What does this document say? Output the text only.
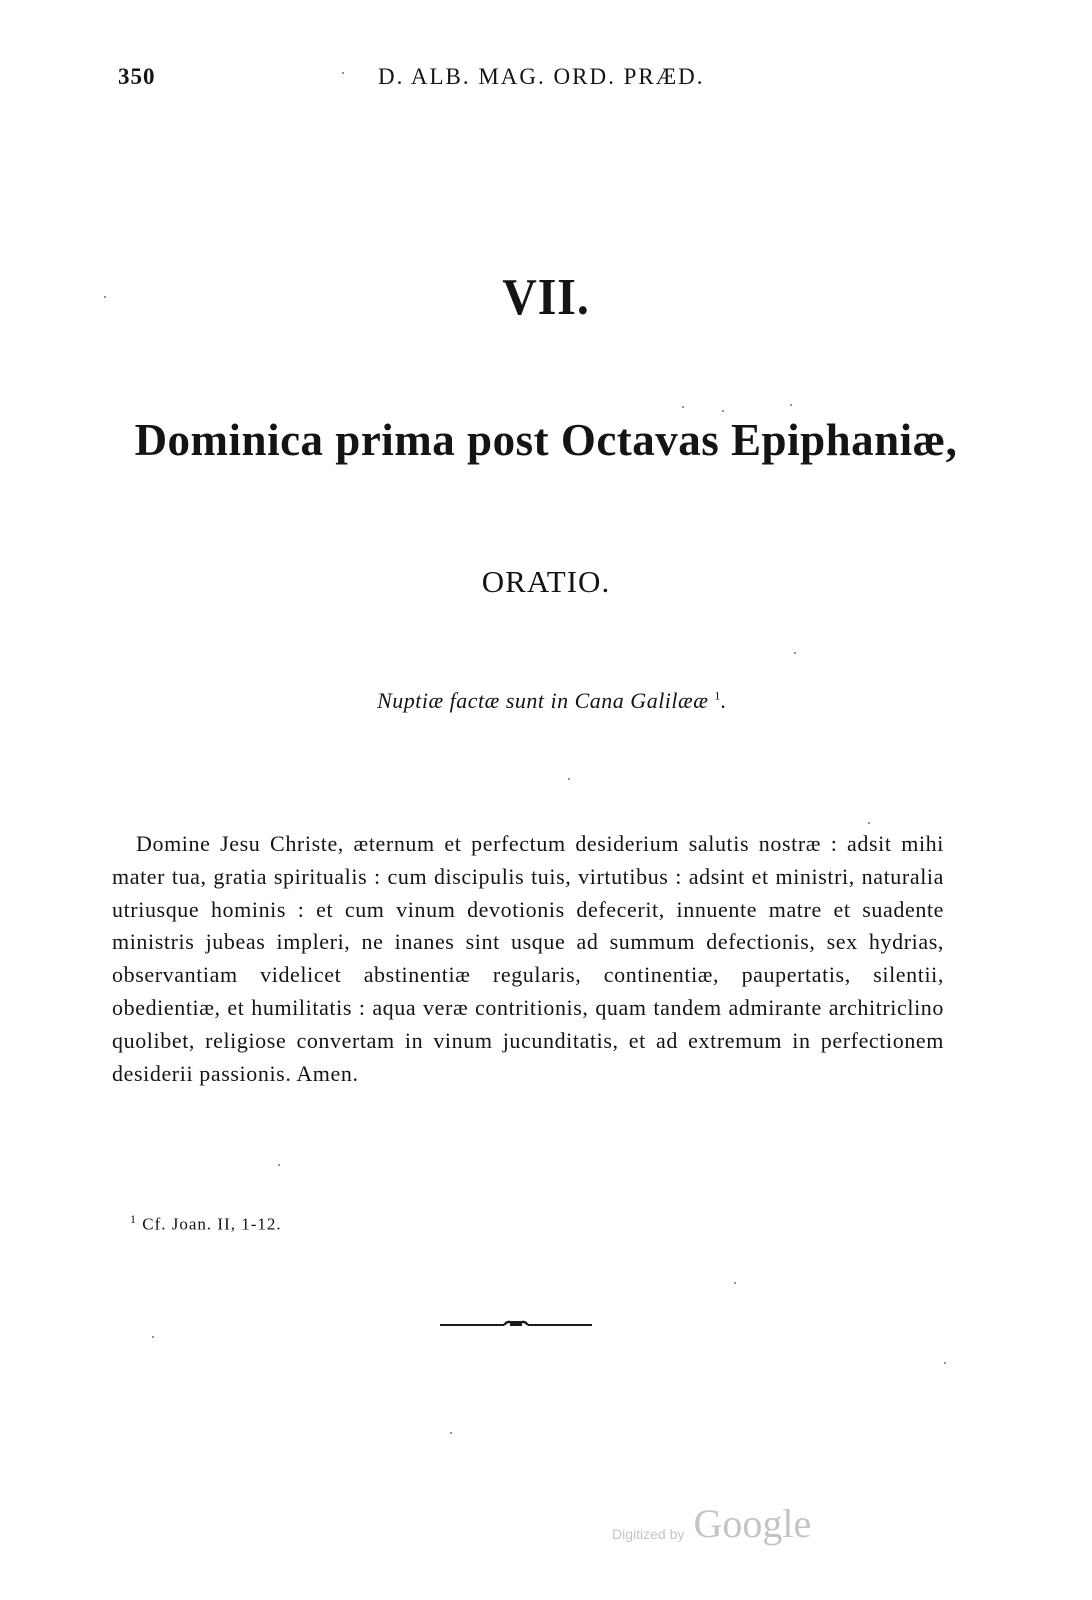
350	D. ALB. MAG. ORD. PRÆD.
VII.
Dominica prima post Octavas Epiphaniæ,
ORATIO.
Nuptiæ factæ sunt in Cana Galilææ $^1$.

Domine Jesu Christe, æternum et perfectum desiderium salutis nostræ : adsit mihi mater tua, gratia spiritualis : cum discipulis tuis, virtutibus : adsint et ministri, naturalia utriusque hominis : et cum vinum devotionis defecerit, innuente matre et suadente ministris jubeas impleri, ne inanes sint usque ad summum defectionis, sex hydrias, observantiam videlicet abstinentiæ regularis, continentiæ, paupertatis, silentii, obedientiæ, et humilitatis : aqua veræ contritionis, quam tandem admirante architriclino quolibet, religiose convertam in vinum jucunditatis, et ad extremum in perfectionem desiderii passionis. Amen.

$^1$ Cf. Joan. II, 1-12.
Digitized by Google
